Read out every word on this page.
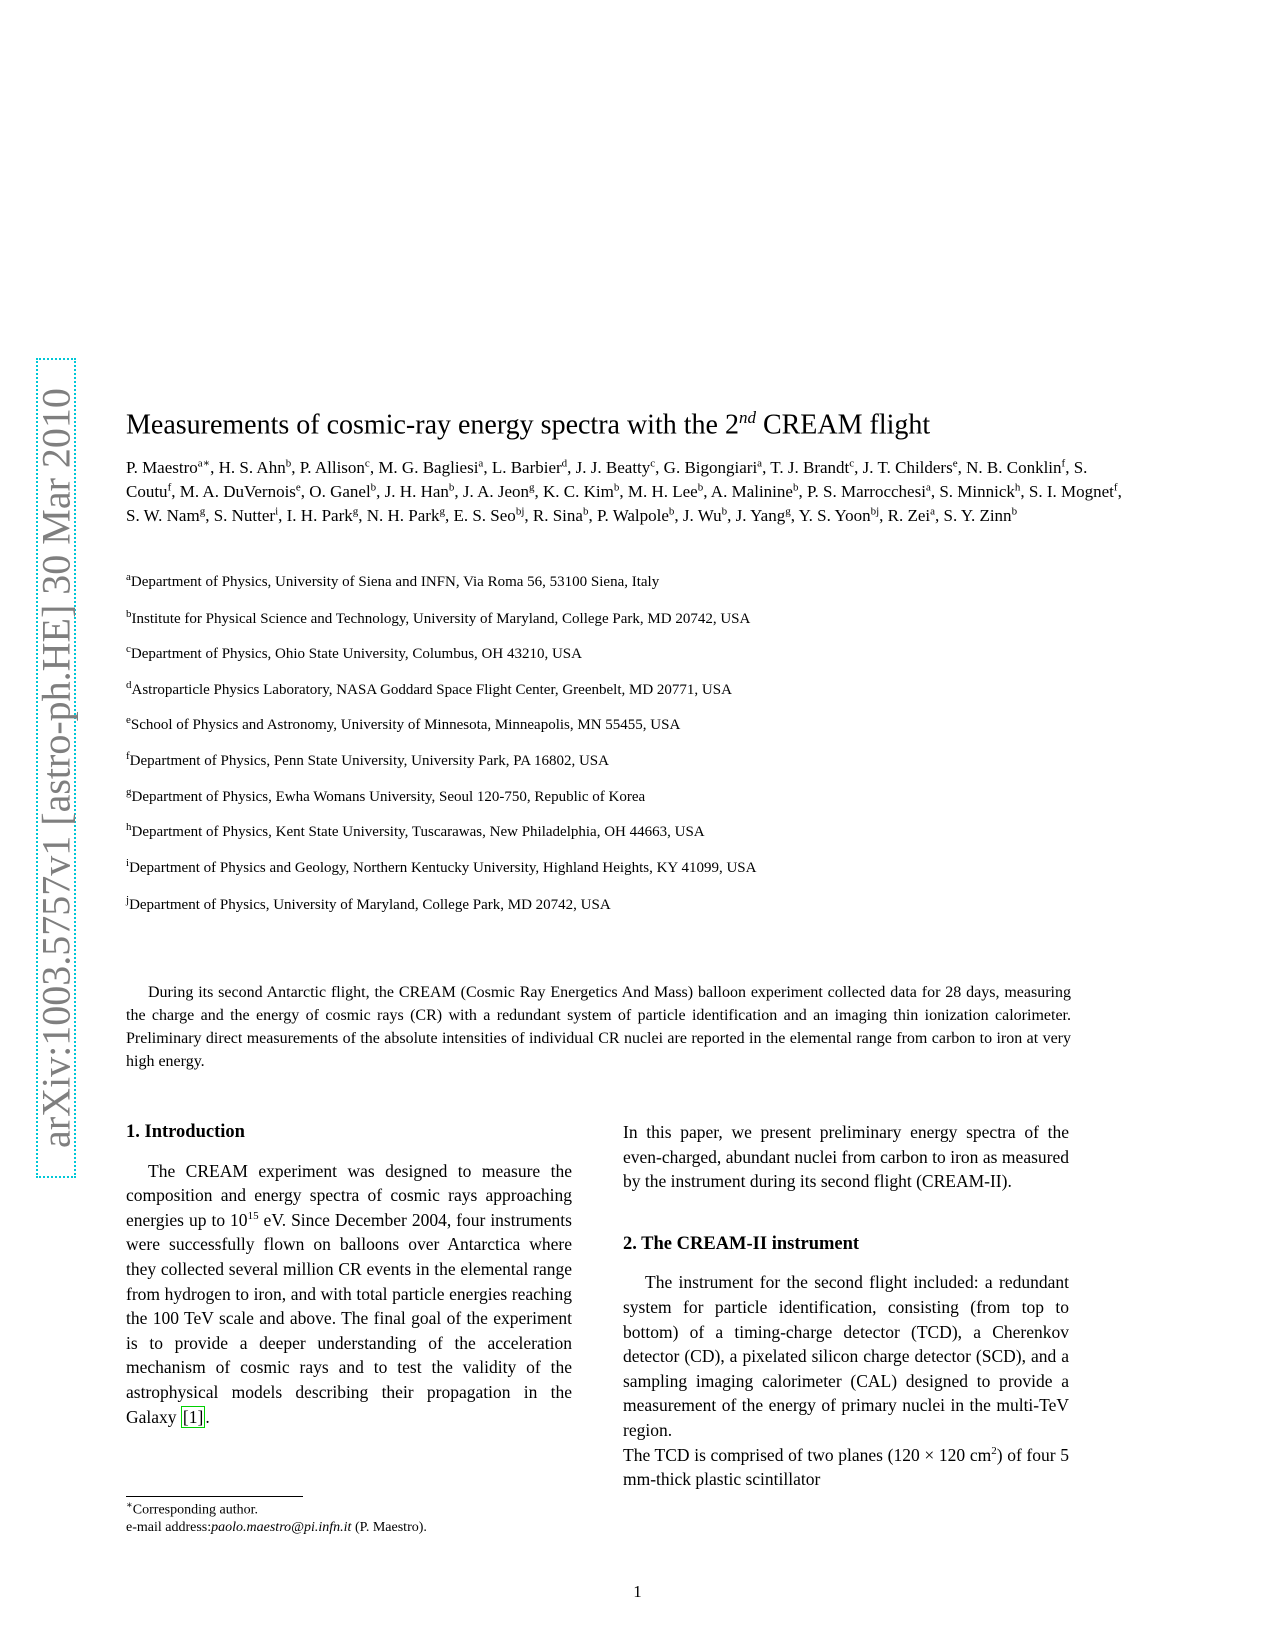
arXiv:1003.5757v1 [astro-ph.HE] 30 Mar 2010 Measurements of cosmic-ray energy spectra with the 2nd CREAM flight
P. Maestro$^{a∗}$, H. S. Ahn$^b$, P. Allison$^c$, M. G. Bagliesi$^a$, L. Barbier$^d$, J. J. Beatty$^c$, G. Bigongiari$^a$, T. J. Brandt$^c$, J. T. Childers$^e$, N. B. Conklin$^f$, S. Coutu$^f$, M. A. DuVernois$^e$, O. Ganel$^b$, J. H. Han$^b$, J. A. Jeon$^g$, K. C. Kim$^b$, M. H. Lee$^b$, A. Malinine$^b$, P. S. Marrocchesi$^a$, S. Minnick$^h$, S. I. Mognet$^f$, S. W. Nam$^g$, S. Nutter$^i$, I. H. Park$^g$, N. H. Park$^g$, E. S. Seo$^{bj}$, R. Sina$^b$, P. Walpole$^b$, J. Wu$^b$, J. Yang$^g$, Y. S. Yoon$^{bj}$, R. Zei$^a$, S. Y. Zinn$^b$
$^a$Department of Physics, University of Siena and INFN, Via Roma 56, 53100 Siena, Italy
$^b$Institute for Physical Science and Technology, University of Maryland, College Park, MD 20742, USA
$^c$Department of Physics, Ohio State University, Columbus, OH 43210, USA
$^d$Astroparticle Physics Laboratory, NASA Goddard Space Flight Center, Greenbelt, MD 20771, USA
$^e$School of Physics and Astronomy, University of Minnesota, Minneapolis, MN 55455, USA
$^f$Department of Physics, Penn State University, University Park, PA 16802, USA
$^g$Department of Physics, Ewha Womans University, Seoul 120-750, Republic of Korea
$^h$Department of Physics, Kent State University, Tuscarawas, New Philadelphia, OH 44663, USA
$^i$Department of Physics and Geology, Northern Kentucky University, Highland Heights, KY 41099, USA
$^j$Department of Physics, University of Maryland, College Park, MD 20742, USA
During its second Antarctic flight, the CREAM (Cosmic Ray Energetics And Mass) balloon experiment collected data for 28 days, measuring the charge and the energy of cosmic rays (CR) with a redundant system of particle identification and an imaging thin ionization calorimeter. Preliminary direct measurements of the absolute intensities of individual CR nuclei are reported in the elemental range from carbon to iron at very high energy.
1. Introduction

The CREAM experiment was designed to measure the composition and energy spectra of cosmic rays approaching energies up to $10^{15}$ eV. Since December 2004, four instruments were successfully flown on balloons over Antarctica where they collected several million CR events in the elemental range from hydrogen to iron, and with total particle energies reaching the 100 TeV scale and above. The final goal of the experiment is to provide a deeper understanding of the acceleration mechanism of cosmic rays and to test the validity of the astrophysical models describing their propagation in the Galaxy [1] .

In this paper, we present preliminary energy spectra of the even-charged, abundant nuclei from carbon to iron as measured by the instrument during its second flight (CREAM-II).

2. The CREAM-II instrument

The instrument for the second flight included: a redundant system for particle identification, consisting (from top to bottom) of a timing-charge detector (TCD), a Cherenkov detector (CD), a pixelated silicon charge detector (SCD), and a sampling imaging calorimeter (CAL) designed to provide a measurement of the energy of primary nuclei in the multi-TeV region.

The TCD is comprised of two planes (120 × 120 $cm^2$) of four 5 mm-thick plastic scintillator

∗Corresponding author.
e-mail address:paolo.maestro@pi.infn.it (P. Maestro).
1
